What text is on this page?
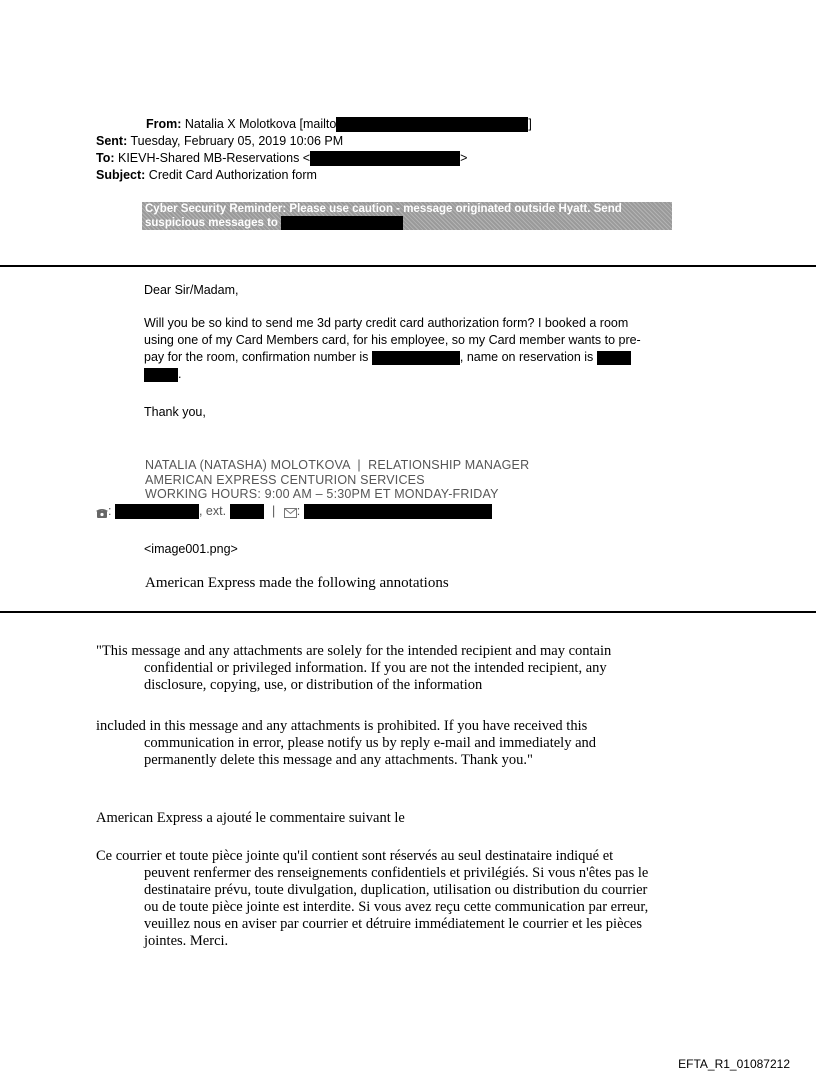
From: Natalia X Molotkova [mailto	]
Sent: Tuesday, February 05, 2019 10:06 PM
To: KIEVH-Shared MB-Reservations <	>
Subject: Credit Card Authorization form
Cyber Security Reminder: Please use caution - message originated outside Hyatt. Send
suspicious messages to
Dear Sir/Madam,
Will you be so kind to send me 3d party credit card authorization form? I booked a room
using one of my Card Members card, for his employee, so my Card member wants to pre-
pay for the room, confirmation number is	, name on reservation is
.
Thank you,
NATALIA (NATASHA) MOLOTKOVA  |  RELATIONSHIP MANAGER
AMERICAN EXPRESS CENTURION SERVICES
WORKING HOURS: 9:00 AM – 5:30PM ET MONDAY-FRIDAY
:	, ext.	| :
<image001.png>
American Express made the following annotations
"This message and any attachments are solely for the intended recipient and may contain
confidential or privileged information. If you are not the intended recipient, any disclosure, copying, use, or distribution of the information
included in this message and any attachments is prohibited. If you have received this
communication in error, please notify us by reply e-mail and immediately and permanently delete this message and any attachments. Thank you."
American Express a ajouté le commentaire suivant le
Ce courrier et toute pièce jointe qu'il contient sont réservés au seul destinataire indiqué et
peuvent renfermer des renseignements confidentiels et privilégiés. Si vous n'êtes pas le destinataire prévu, toute divulgation, duplication, utilisation ou distribution du courrier ou de toute pièce jointe est interdite. Si vous avez reçu cette communication par erreur, veuillez nous en aviser par courrier et détruire immédiatement le courrier et les pièces jointes. Merci.
EFTA_R1_01087212
